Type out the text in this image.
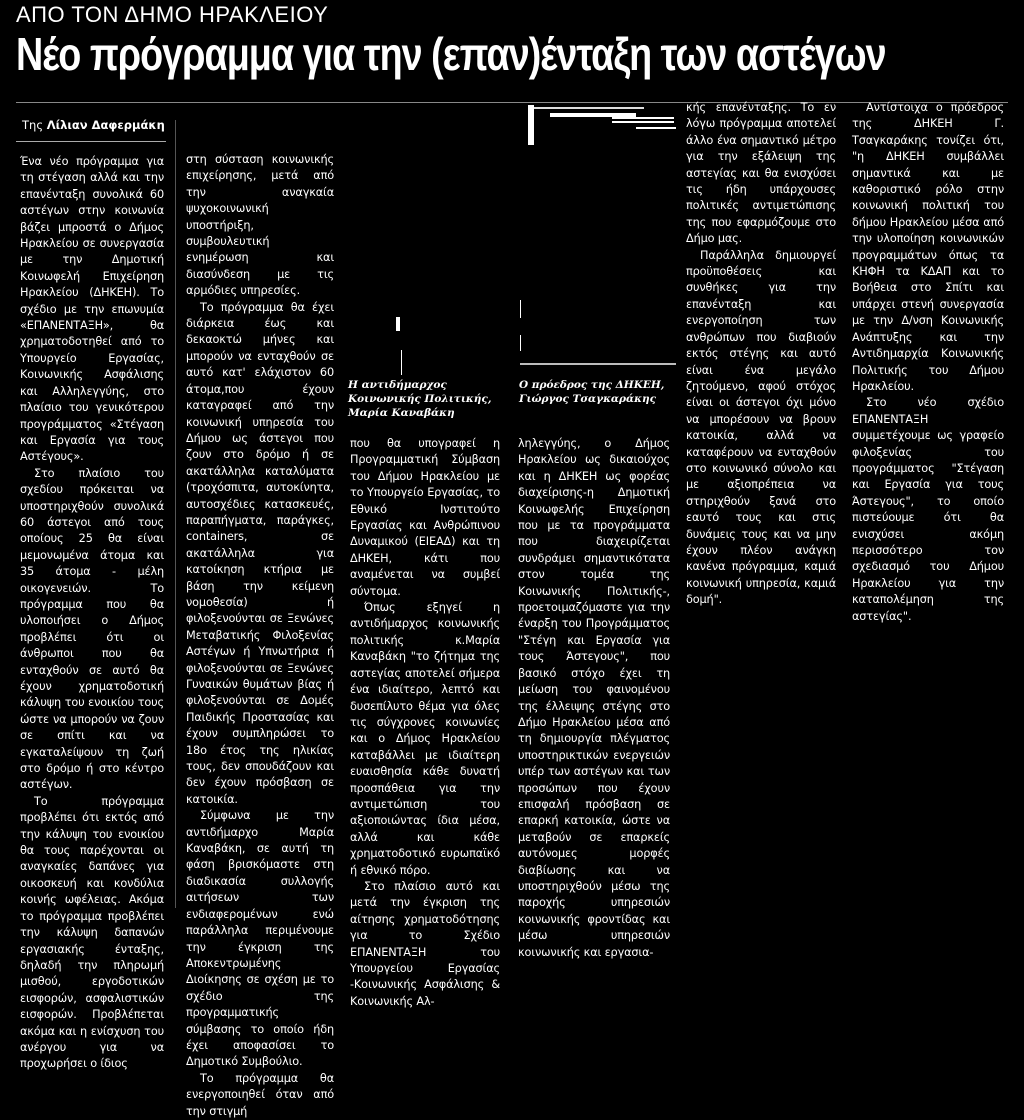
ΑΠΟ ΤΟΝ ΔΗΜΟ ΗΡΑΚΛΕΙΟΥ
Νέο πρόγραμμα για την (επαν)ένταξη των αστέγων
Της Λίλιαν Δαφερμάκη

Ένα νέο πρόγραμμα για τη στέγαση αλλά και την επανένταξη συνολικά 60 αστέγων στην κοινωνία βάζει μπροστά ο Δήμος Ηρακλείου σε συνεργασία με την Δημοτική Κοινωφελή Επιχείρηση Ηρακλείου (ΔΗΚΕΗ). Το σχέδιο με την επωνυμία «ΕΠΑΝΕΝΤΑΞΗ», θα χρηματοδοτηθεί από το Υπουργείο Εργασίας, Κοινωνικής Ασφάλισης και Αλληλεγγύης, στο πλαίσιο του γενικότερου προγράμματος «Στέγαση και Εργασία για τους Αστέγους».

Στο πλαίσιο του σχεδίου πρόκειται να υποστηριχθούν συνολικά 60 άστεγοι από τους οποίους 25 θα είναι μεμονωμένα άτομα και 35 άτομα - μέλη οικογενειών. Το πρόγραμμα που θα υλοποιήσει ο Δήμος προβλέπει ότι οι άνθρωποι που θα ενταχθούν σε αυτό θα έχουν χρηματοδοτική κάλυψη του ενοικίου τους ώστε να μπορούν να ζουν σε σπίτι και να εγκαταλείψουν τη ζωή στο δρόμο ή στο κέντρο αστέγων.

Το πρόγραμμα προβλέπει ότι εκτός από την κάλυψη του ενοικίου θα τους παρέχονται οι αναγκαίες δαπάνες για οικοσκευή και κονδύλια κοινής ωφέλειας. Ακόμα το πρόγραμμα προβλέπει την κάλυψη δαπανών εργασιακής ένταξης, δηλαδή την πληρωμή μισθού, εργοδοτικών εισφορών, ασφαλιστικών εισφορών. Προβλέπεται ακόμα και η ενίσχυση του ανέργου για να προχωρήσει ο ίδιος

στη σύσταση κοινωνικής επιχείρησης, μετά από την αναγκαία ψυχοκοινωνική υποστήριξη, συμβουλευτική ενημέρωση και διασύνδεση με τις αρμόδιες υπηρεσίες.

Το πρόγραμμα θα έχει διάρκεια έως και δεκαοκτώ μήνες και μπορούν να ενταχθούν σε αυτό κατ' ελάχιστον 60 άτομα,που έχουν καταγραφεί από την κοινωνική υπηρεσία του Δήμου ως άστεγοι που ζουν στο δρόμο ή σε ακατάλληλα καταλύματα (τροχόσπιτα, αυτοκίνητα, αυτοσχέδιες κατασκευές, παραπήγματα, παράγκες, containers, σε ακατάλληλα για κατοίκηση κτήρια με βάση την κείμενη νομοθεσία) ή φιλοξενούνται σε Ξενώνες Μεταβατικής Φιλοξενίας Αστέγων ή Υπνωτήρια ή φιλοξενούνται σε Ξενώνες Γυναικών θυμάτων βίας ή φιλοξενούνται σε Δομές Παιδικής Προστασίας και έχουν συμπληρώσει το 18ο έτος της ηλικίας τους, δεν σπουδάζουν και δεν έχουν πρόσβαση σε κατοικία.

Σύμφωνα με την αντιδήμαρχο Μαρία Καναβάκη, σε αυτή τη φάση βρισκόμαστε στη διαδικασία συλλογής αιτήσεων των ενδιαφερομένων ενώ παράλληλα περιμένουμε την έγκριση της Αποκεντρωμένης Διοίκησης σε σχέση με το σχέδιο της προγραμματικής σύμβασης το οποίο ήδη έχει αποφασίσει το Δημοτικό Συμβούλιο.

Το πρόγραμμα θα ενεργοποιηθεί όταν από την στιγμή

Η αντιδήμαρχος Κοινωνικής Πολιτικής, Μαρία Καναβάκη
Ο πρόεδρος της ΔΗΚΕΗ, Γιώργος Τσαγκαράκης

που θα υπογραφεί η Προγραμματική Σύμβαση του Δήμου Ηρακλείου με το Υπουργείο Εργασίας, το Εθνικό Ινστιτούτο Εργασίας και Ανθρώπινου Δυναμικού (ΕΙΕΑΔ) και τη ΔΗΚΕΗ, κάτι που αναμένεται να συμβεί σύντομα.

Όπως εξηγεί η αντιδήμαρχος κοινωνικής πολιτικής κ.Μαρία Καναβάκη "το ζήτημα της αστεγίας αποτελεί σήμερα ένα ιδιαίτερο, λεπτό και δυσεπίλυτο θέμα για όλες τις σύγχρονες κοινωνίες και ο Δήμος Ηρακλείου καταβάλλει με ιδιαίτερη ευαισθησία κάθε δυνατή προσπάθεια για την αντιμετώπιση του αξιοποιώντας ίδια μέσα, αλλά και κάθε χρηματοδοτικό ευρωπαϊκό ή εθνικό πόρο.

Στο πλαίσιο αυτό και μετά την έγκριση της αίτησης χρηματοδότησης για το Σχέδιο ΕΠΑΝΕΝΤΑΞΗ του Υπουργείου Εργασίας -Κοινωνικής Ασφάλισης & Κοινωνικής Αλ-

ληλεγγύης, ο Δήμος Ηρακλείου ως δικαιούχος και η ΔΗΚΕΗ ως φορέας διαχείρισης-η Δημοτική Κοινωφελής Επιχείρηση που με τα προγράμματα που διαχειρίζεται συνδράμει σημαντικότατα στον τομέα της Κοινωνικής Πολιτικής-, προετοιμαζόμαστε για την έναρξη του Προγράμματος "Στέγη και Εργασία για τους Άστεγους", που βασικό στόχο έχει τη μείωση του φαινομένου της έλλειψης στέγης στο Δήμο Ηρακλείου μέσα από τη δημιουργία πλέγματος υποστηρικτικών ενεργειών υπέρ των αστέγων και των προσώπων που έχουν επισφαλή πρόσβαση σε επαρκή κατοικία, ώστε να μεταβούν σε επαρκείς αυτόνομες μορφές διαβίωσης και να υποστηριχθούν μέσω της παροχής υπηρεσιών κοινωνικής φροντίδας και μέσω υπηρεσιών κοινωνικής και εργασια-

κής επανένταξης. Το εν λόγω πρόγραμμα αποτελεί άλλο ένα σημαντικό μέτρο για την εξάλειψη της αστεγίας και θα ενισχύσει τις ήδη υπάρχουσες πολιτικές αντιμετώπισης της που εφαρμόζουμε στο Δήμο μας.

Παράλληλα δημιουργεί προϋποθέσεις και συνθήκες για την επανένταξη και ενεργοποίηση των ανθρώπων που διαβιούν εκτός στέγης και αυτό είναι ένα μεγάλο ζητούμενο, αφού στόχος είναι οι άστεγοι όχι μόνο να μπορέσουν να βρουν κατοικία, αλλά να καταφέρουν να ενταχθούν στο κοινωνικό σύνολο και με αξιοπρέπεια να στηριχθούν ξανά στο εαυτό τους και στις δυνάμεις τους και να μην έχουν πλέον ανάγκη κανένα πρόγραμμα, καμιά κοινωνική υπηρεσία, καμιά δομή".

Αντίστοιχα ο πρόεδρος της ΔΗΚΕΗ Γ. Τσαγκαράκης τονίζει ότι, "η ΔΗΚΕΗ συμβάλλει σημαντικά και με καθοριστικό ρόλο στην κοινωνική πολιτική του δήμου Ηρακλείου μέσα από την υλοποίηση κοινωνικών προγραμμάτων όπως τα ΚΗΦΗ τα ΚΔΑΠ και το Βοήθεια στο Σπίτι και υπάρχει στενή συνεργασία με την Δ/νση Κοινωνικής Ανάπτυξης και την Αντιδημαρχία Κοινωνικής Πολιτικής του Δήμου Ηρακλείου.

Στο νέο σχέδιο ΕΠΑΝΕΝΤΑΞΗ συμμετέχουμε ως γραφείο φιλοξενίας του προγράμματος "Στέγαση και Εργασία για τους Άστεγους", το οποίο πιστεύουμε ότι θα ενισχύσει ακόμη περισσότερο τον σχεδιασμό του Δήμου Ηρακλείου για την καταπολέμηση της αστεγίας".
